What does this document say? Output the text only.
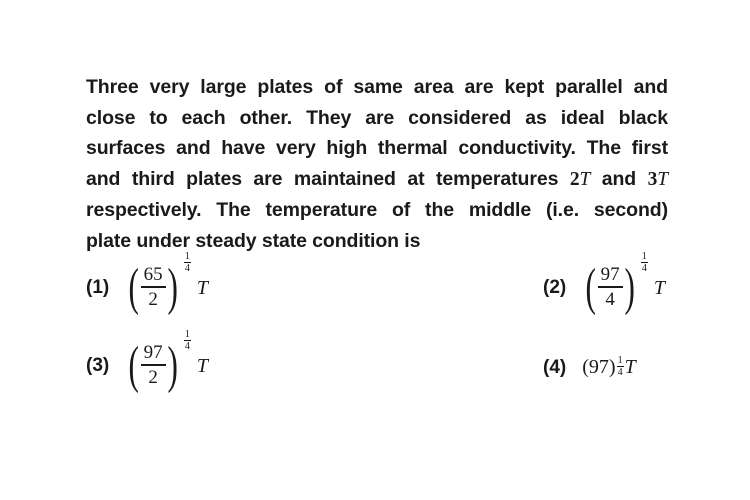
Three very large plates of same area are kept parallel and
close to each other. They are considered as ideal black
surfaces and have very high thermal conductivity. The first
and third plates are maintained at temperatures 2T and 3T
respectively. The temperature of the middle (i.e. second)
plate under steady state condition is
(1) ( $\frac{65}{2}$ )
1
4
T	(2) ( $\frac{97}{4}$ )
1
4
T
(3) ( $\frac{97}{2}$ )
1
4
T	(4) $(97) \frac{1}{4}$ T
